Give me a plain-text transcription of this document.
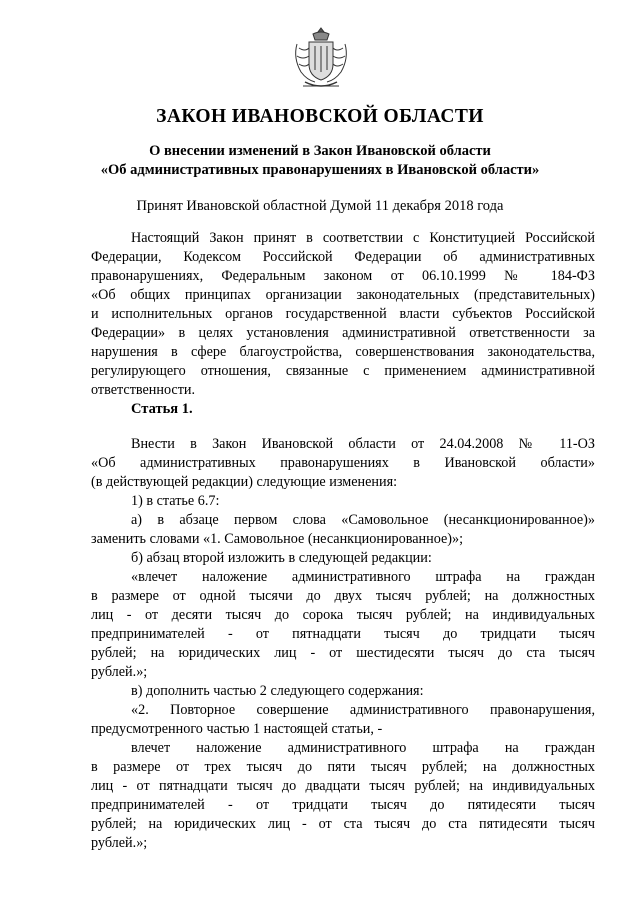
ЗАКОН ИВАНОВСКОЙ ОБЛАСТИ
О внесении изменений в Закон Ивановской области
«Об административных правонарушениях в Ивановской области»
Принят Ивановской областной Думой 11 декабря 2018 года

Настоящий Закон принят в соответствии с Конституцией Российской

Федерации, Кодексом Российской Федерации об административных

правонарушениях, Федеральным законом от 06.10.1999 № 184-ФЗ

«Об общих принципах организации законодательных (представительных)

и исполнительных органов государственной власти субъектов Российской

Федерации» в целях установления административной ответственности за

нарушения в сфере благоустройства, совершенствования законодательства,

регулирующего отношения, связанные с применением административной

ответственности.

Статья 1.

Внести в Закон Ивановской области от 24.04.2008 № 11-ОЗ

«Об административных правонарушениях в Ивановской области»

(в действующей редакции) следующие изменения:

1) в статье 6.7:

а) в абзаце первом слова «Самовольное (несанкционированное)»

заменить словами «1. Самовольное (несанкционированное)»;

б) абзац второй изложить в следующей редакции:

«влечет наложение административного штрафа на граждан

в размере от одной тысячи до двух тысяч рублей; на должностных

лиц - от десяти тысяч до сорока тысяч рублей; на индивидуальных

предпринимателей - от пятнадцати тысяч до тридцати тысяч

рублей; на юридических лиц - от шестидесяти тысяч до ста тысяч

рублей.»;

в) дополнить частью 2 следующего содержания:

«2. Повторное совершение административного правонарушения,

предусмотренного частью 1 настоящей статьи, -

влечет наложение административного штрафа на граждан

в размере от трех тысяч до пяти тысяч рублей; на должностных

лиц - от пятнадцати тысяч до двадцати тысяч рублей; на индивидуальных

предпринимателей - от тридцати тысяч до пятидесяти тысяч

рублей; на юридических лиц - от ста тысяч до ста пятидесяти тысяч

рублей.»;
